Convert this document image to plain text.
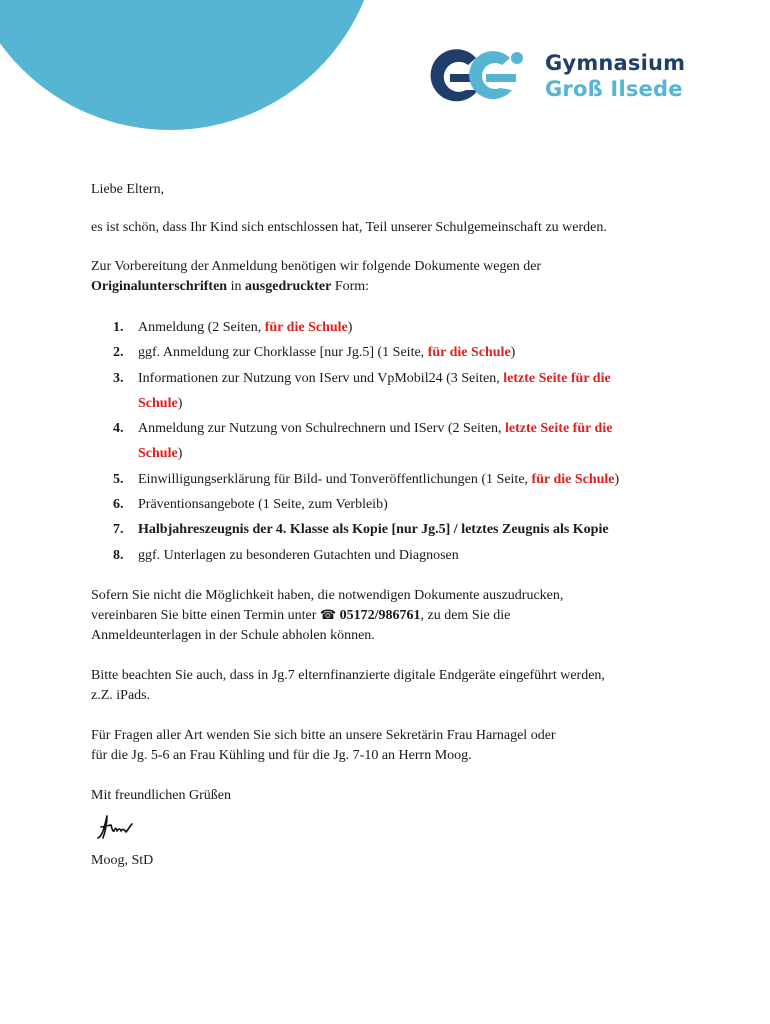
Gymnasium
Groß Ilsede

Liebe Eltern,

es ist schön, dass Ihr Kind sich entschlossen hat, Teil unserer Schulgemeinschaft zu werden.

Zur Vorbereitung der Anmeldung benötigen wir folgende Dokumente wegen der
Originalunterschriften in ausgedruckter Form:

1. Anmeldung (2 Seiten, für die Schule)
2. ggf. Anmeldung zur Chorklasse [nur Jg.5] (1 Seite, für die Schule)
3. Informationen zur Nutzung von IServ und VpMobil24 (3 Seiten, letzte Seite für die
Schule)
4. Anmeldung zur Nutzung von Schulrechnern und IServ (2 Seiten, letzte Seite für die
Schule)
5. Einwilligungserklärung für Bild- und Tonveröffentlichungen (1 Seite, für die Schule)
6. Präventionsangebote (1 Seite, zum Verbleib)
7. Halbjahreszeugnis der 4. Klasse als Kopie [nur Jg.5] / letztes Zeugnis als Kopie
8. ggf. Unterlagen zu besonderen Gutachten und Diagnosen

Sofern Sie nicht die Möglichkeit haben, die notwendigen Dokumente auszudrucken,
vereinbaren Sie bitte einen Termin unter ☎ 05172/986761, zu dem Sie die
Anmeldeunterlagen in der Schule abholen können.

Bitte beachten Sie auch, dass in Jg.7 elternfinanzierte digitale Endgeräte eingeführt werden,
z.Z. iPads.

Für Fragen aller Art wenden Sie sich bitte an unsere Sekretärin Frau Harnagel oder
für die Jg. 5-6 an Frau Kühling und für die Jg. 7-10 an Herrn Moog.

Mit freundlichen Grüßen

Moog, StD
